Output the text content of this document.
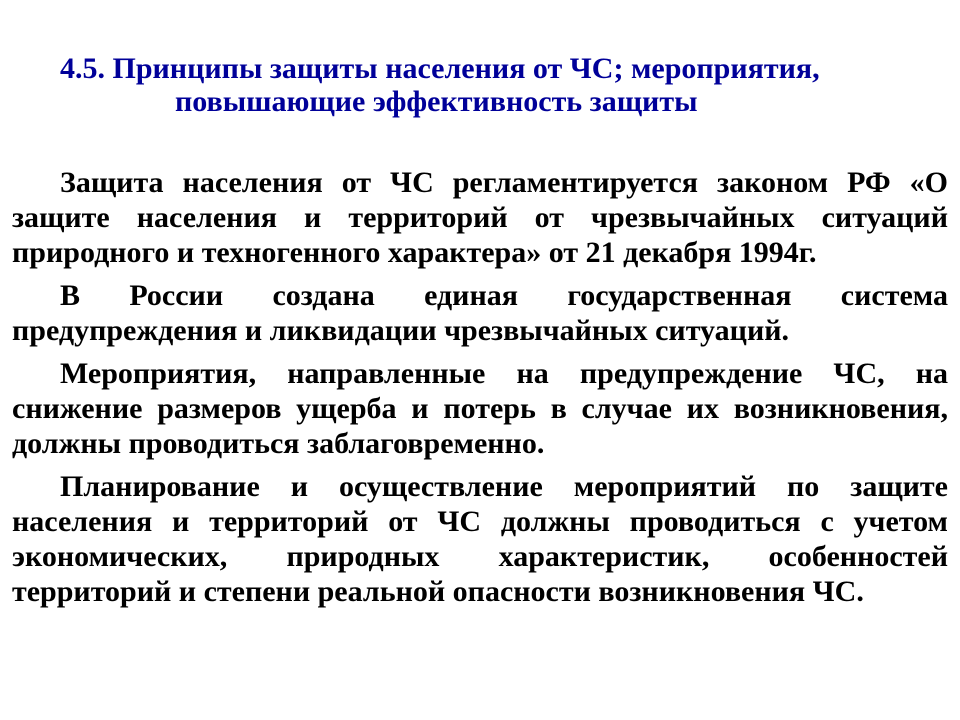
4.5. Принципы защиты населения от ЧС; мероприятия,
повышающие эффективность защиты

Защита населения от ЧС регламентируется законом РФ «О защите населения и территорий от чрезвычайных ситуаций природного и техногенного характера» от 21 декабря 1994г.

В России создана единая государственная система предупреждения и ликвидации чрезвычайных ситуаций.

Мероприятия, направленные на предупреждение ЧС, на снижение размеров ущерба и потерь в случае их возникновения, должны проводиться заблаговременно.

Планирование и осуществление мероприятий по защите населения и территорий от ЧС должны проводиться с учетом экономических, природных характеристик, особенностей территорий и степени реальной опасности возникновения ЧС.
